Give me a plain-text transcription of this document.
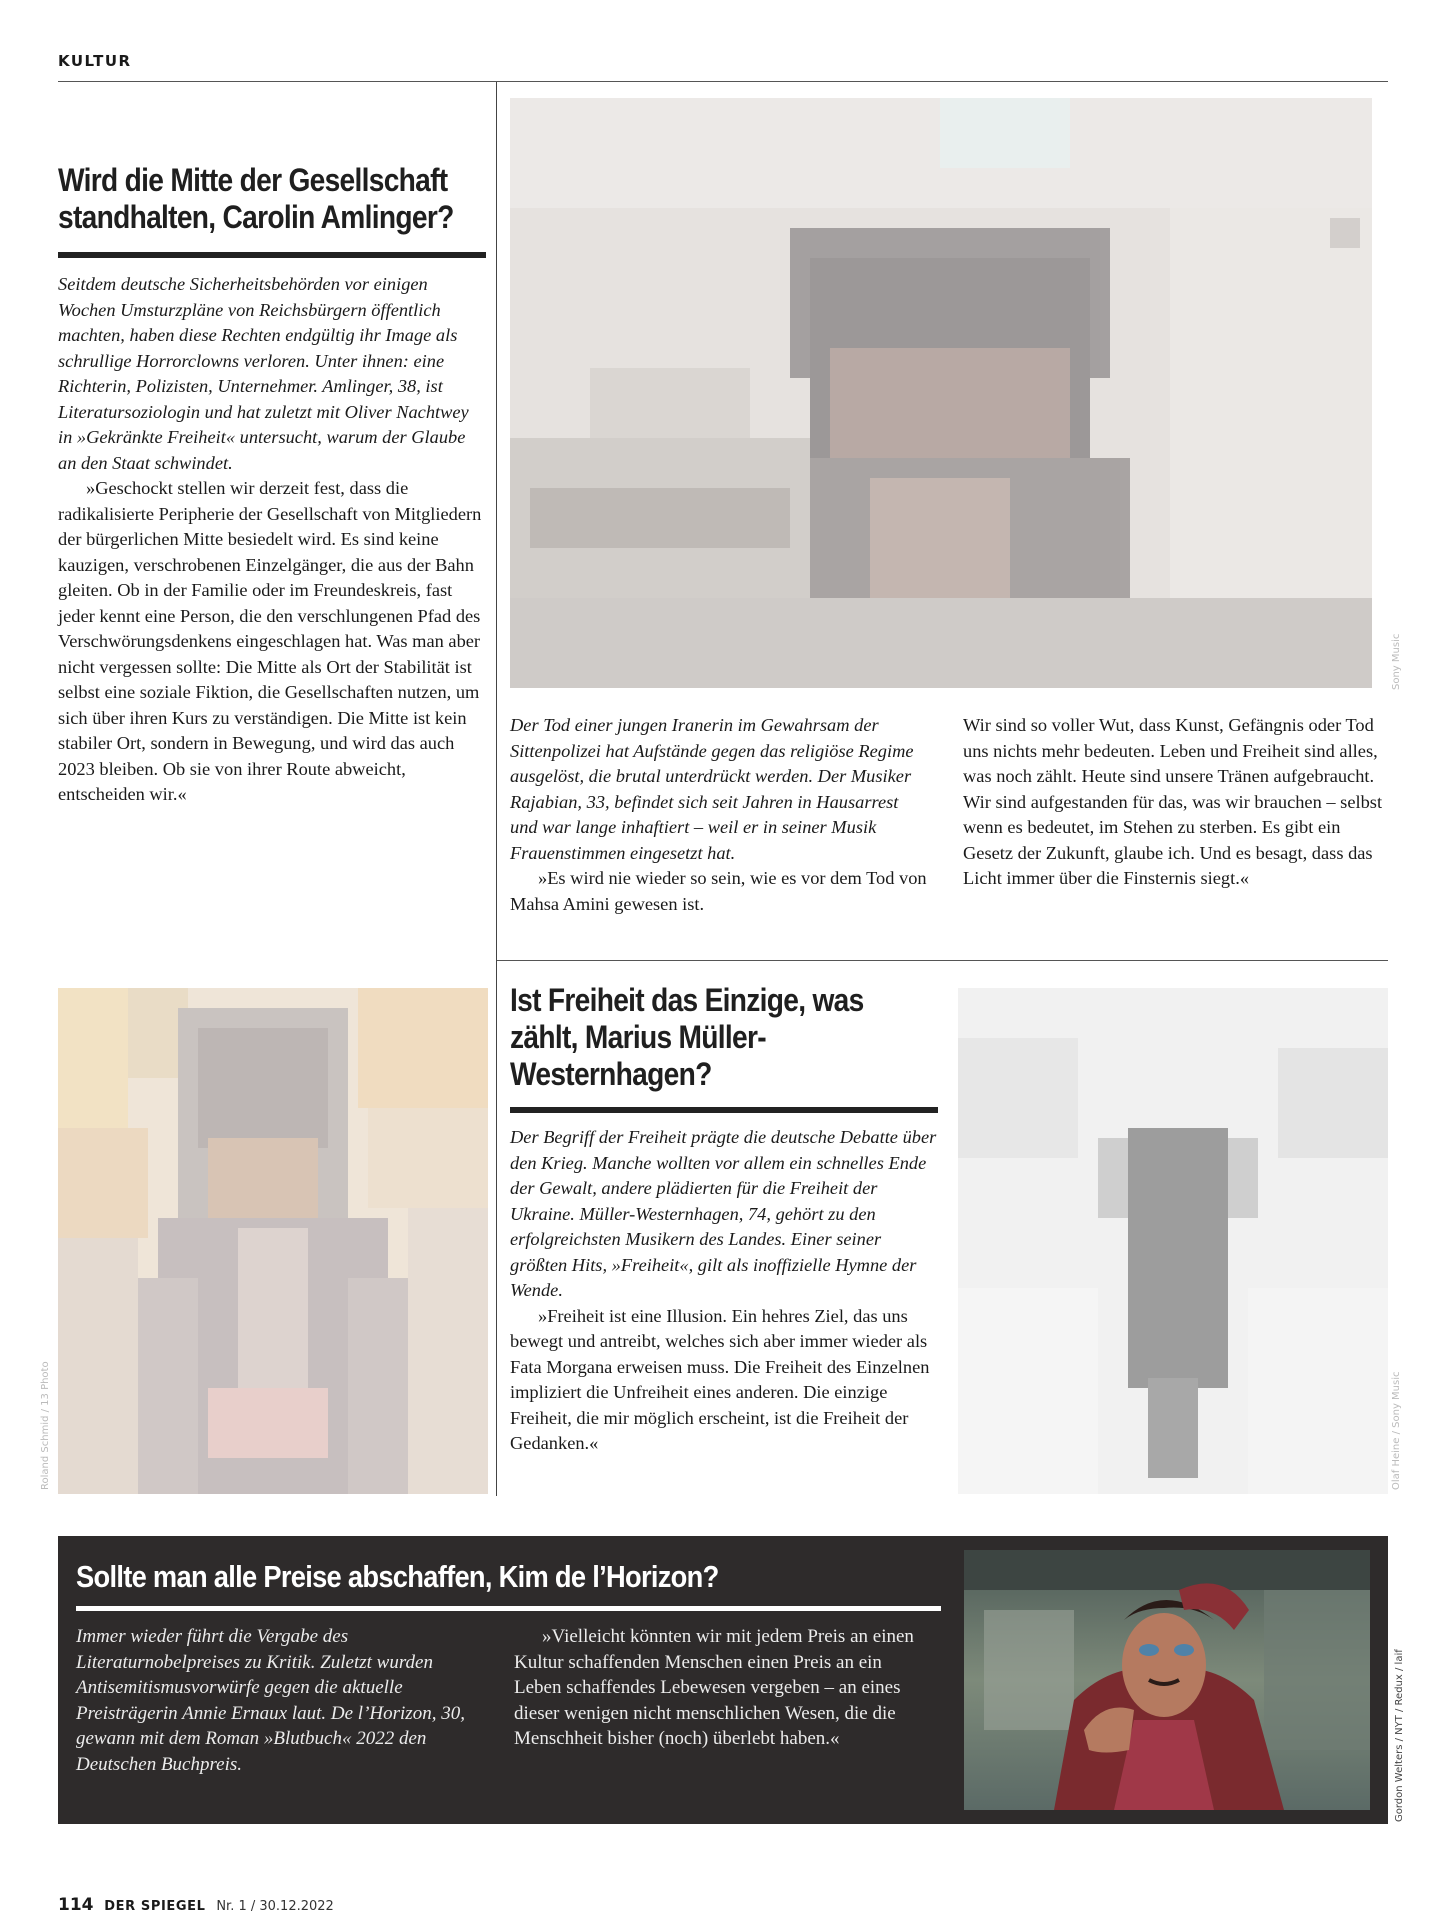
KULTUR
Wird die Mitte der Gesellschaft standhalten, Carolin Amlinger?

Seitdem deutsche Sicherheitsbehörden vor einigen Wochen Umsturzpläne von Reichsbürgern öffentlich machten, haben diese Rechten endgültig ihr Image als schrullige Horrorclowns verloren. Unter ihnen: eine Richterin, Polizisten, Unternehmer. Amlinger, 38, ist Literatursoziologin und hat zuletzt mit Oliver Nachtwey in »Gekränkte Freiheit« untersucht, warum der Glaube an den Staat schwindet.

»Geschockt stellen wir derzeit fest, dass die radikalisierte Peripherie der Gesellschaft von Mitgliedern der bürgerlichen Mitte besiedelt wird. Es sind keine kauzigen, verschrobenen Einzelgänger, die aus der Bahn gleiten. Ob in der Familie oder im Freundeskreis, fast jeder kennt eine Person, die den verschlungenen Pfad des Verschwörungsdenkens eingeschlagen hat. Was man aber nicht vergessen sollte: Die Mitte als Ort der Stabilität ist selbst eine soziale Fiktion, die Gesellschaften nutzen, um sich über ihren Kurs zu verständigen. Die Mitte ist kein stabiler Ort, sondern in Bewegung, und wird das auch 2023 bleiben. Ob sie von ihrer Route abweicht, entscheiden wir.«

Roland Schmid / 13 Photo
Sony Music

Der Tod einer jungen Iranerin im Gewahrsam der Sittenpolizei hat Aufstände gegen das religiöse Regime ausgelöst, die brutal unterdrückt werden. Der Musiker Rajabian, 33, befindet sich seit Jahren in Hausarrest und war lange inhaftiert – weil er in seiner Musik Frauenstimmen eingesetzt hat.

»Es wird nie wieder so sein, wie es vor dem Tod von Mahsa Amini gewesen ist.

Wir sind so voller Wut, dass Kunst, Gefängnis oder Tod uns nichts mehr bedeuten. Leben und Freiheit sind alles, was noch zählt. Heute sind unsere Tränen aufgebraucht. Wir sind aufgestanden für das, was wir brauchen – selbst wenn es bedeutet, im Stehen zu sterben. Es gibt ein Gesetz der Zukunft, glaube ich. Und es besagt, dass das Licht immer über die Finsternis siegt.«

Ist Freiheit das Einzige, was zählt, Marius Müller-Westernhagen?

Der Begriff der Freiheit prägte die deutsche Debatte über den Krieg. Manche wollten vor allem ein schnelles Ende der Gewalt, andere plädierten für die Freiheit der Ukraine. Müller-Westernhagen, 74, gehört zu den erfolgreichsten Musikern des Landes. Einer seiner größten Hits, »Freiheit«, gilt als inoffizielle Hymne der Wende.

»Freiheit ist eine Illusion. Ein hehres Ziel, das uns bewegt und antreibt, welches sich aber immer wieder als Fata Morgana erweisen muss. Die Freiheit des Einzelnen impliziert die Unfreiheit eines anderen. Die einzige Freiheit, die mir möglich erscheint, ist die Freiheit der Gedanken.«	Olaf Heine / Sony Music
Sollte man alle Preise abschaffen, Kim de l’Horizon?

Immer wieder führt die Vergabe des Literaturnobelpreises zu Kritik. Zuletzt wurden Antisemitismusvorwürfe gegen die aktuelle Preisträgerin Annie Ernaux laut. De l’Horizon, 30, gewann mit dem Roman »Blutbuch« 2022 den Deutschen Buchpreis.

»Vielleicht könnten wir mit jedem Preis an einen Kultur schaffenden Menschen einen Preis an ein Leben schaffendes Lebewesen vergeben – an eines dieser wenigen nicht menschlichen Wesen, die die Menschheit bisher (noch) überlebt haben.«	Gordon Welters / NYT / Redux / laif
114 DER SPIEGEL Nr. 1 / 30.12.2022
